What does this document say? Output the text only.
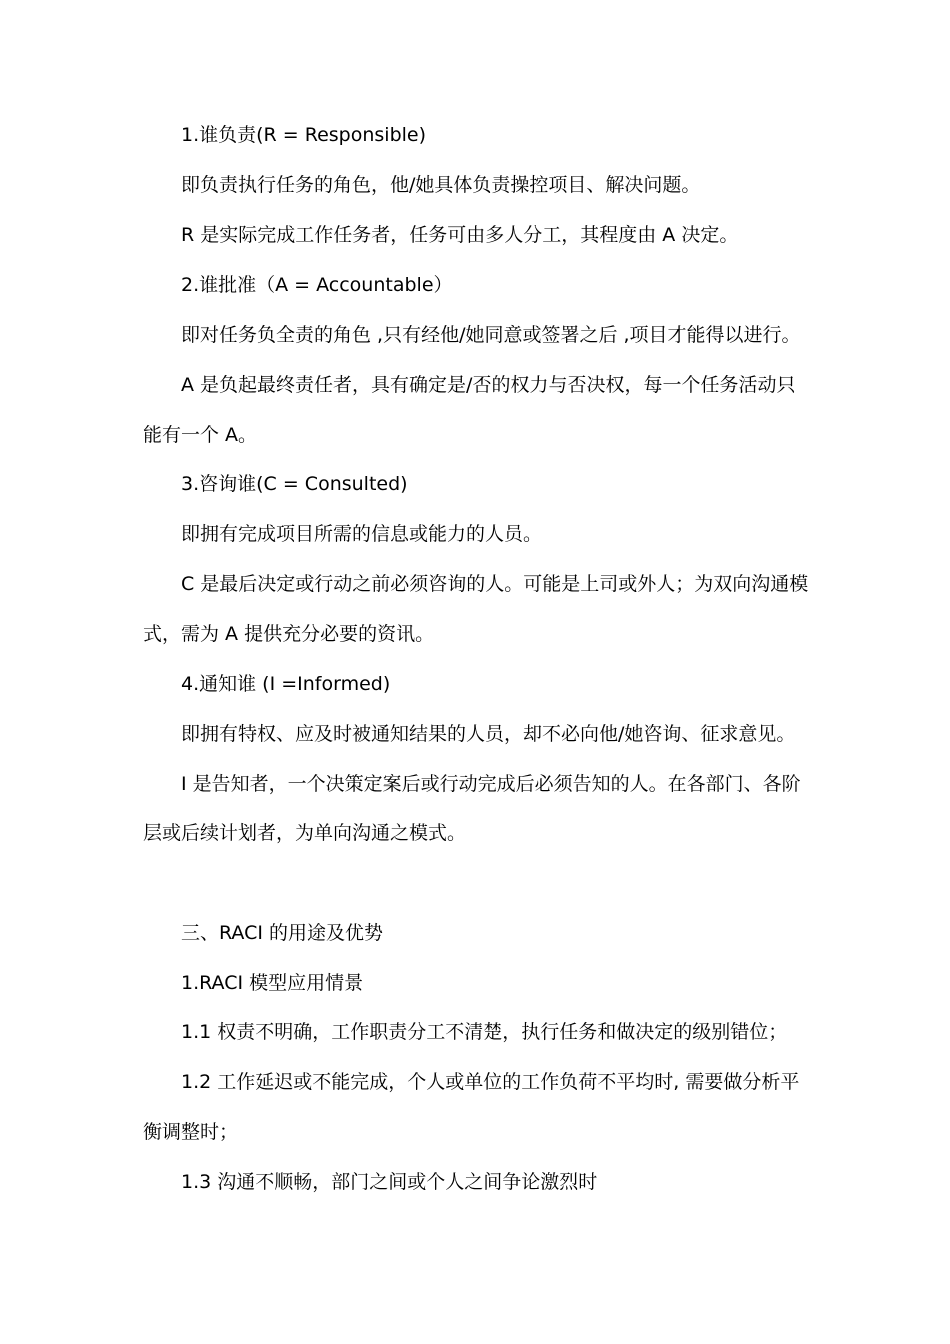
1.谁负责(R = Responsible)

即负责执行任务的角色，他/她具体负责操控项目、解决问题。

R 是实际完成工作任务者，任务可由多人分工，其程度由 A 决定。

2.谁批准（A = Accountable）

即对任务负全责的角色 ,只有经他/她同意或签署之后 ,项目才能得以进行。

A 是负起最终责任者，具有确定是/否的权力与否决权，每一个任务活动只

能有一个 A。

3.咨询谁(C = Consulted)

即拥有完成项目所需的信息或能力的人员。

C 是最后决定或行动之前必须咨询的人。可能是上司或外人；为双向沟通模

式，需为 A 提供充分必要的资讯。

4.通知谁 (I =Informed)

即拥有特权、应及时被通知结果的人员，却不必向他/她咨询、征求意见。

I 是告知者，一个决策定案后或行动完成后必须告知的人。在各部门、各阶

层或后续计划者，为单向沟通之模式。

三、RACI 的用途及优势

1.RACI 模型应用情景

1.1 权责不明确，工作职责分工不清楚，执行任务和做决定的级别错位；

1.2 工作延迟或不能完成，个人或单位的工作负荷不平均时, 需要做分析平

衡调整时；

1.3 沟通不顺畅，部门之间或个人之间争论激烈时
